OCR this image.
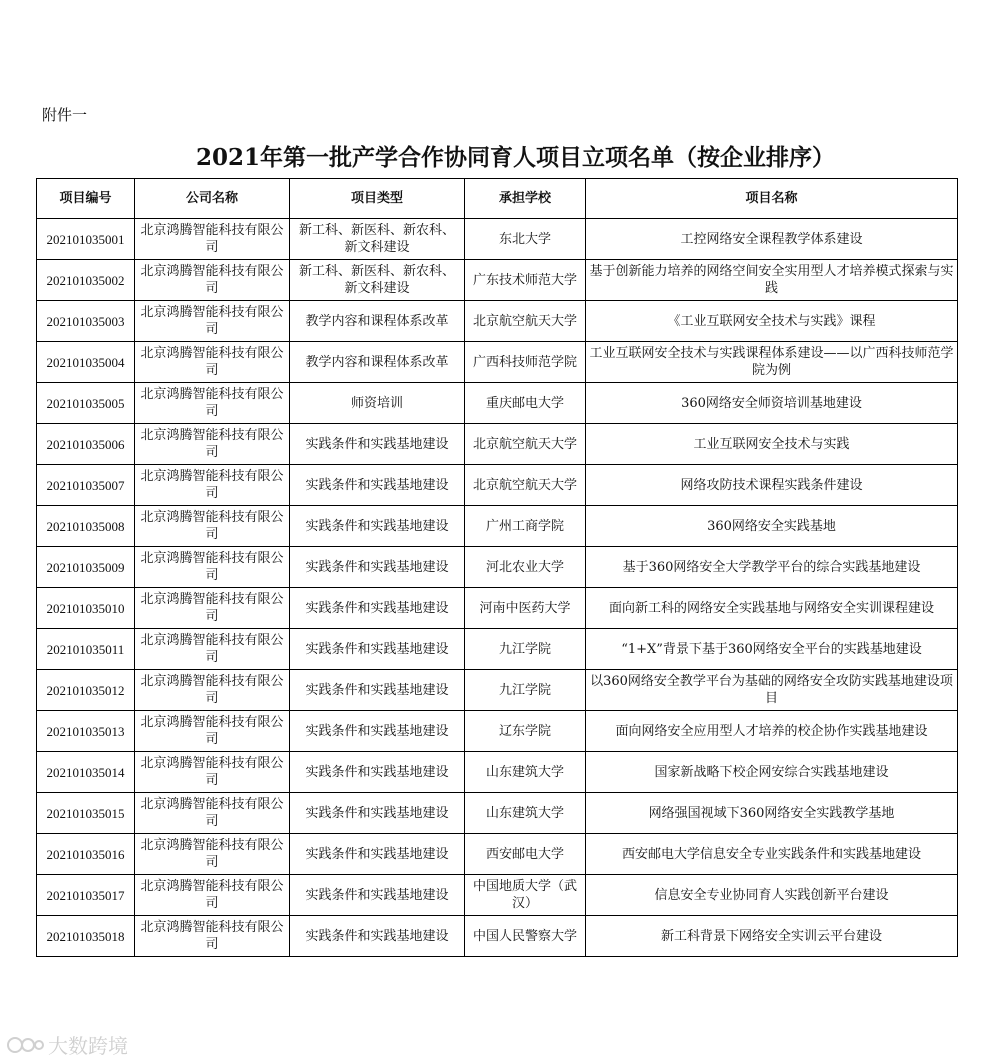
附件一
2021年第一批产学合作协同育人项目立项名单（按企业排序）
项目编号	公司名称	项目类型	承担学校	项目名称
202101035001	北京鸿腾智能科技有限公司	新工科、新医科、新农科、新文科建设	东北大学	工控网络安全课程教学体系建设
202101035002	北京鸿腾智能科技有限公司	新工科、新医科、新农科、新文科建设	广东技术师范大学	基于创新能力培养的网络空间安全实用型人才培养模式探索与实践
202101035003	北京鸿腾智能科技有限公司	教学内容和课程体系改革	北京航空航天大学	《工业互联网安全技术与实践》课程
202101035004	北京鸿腾智能科技有限公司	教学内容和课程体系改革	广西科技师范学院	工业互联网安全技术与实践课程体系建设——以广西科技师范学院为例
202101035005	北京鸿腾智能科技有限公司	师资培训	重庆邮电大学	360网络安全师资培训基地建设
202101035006	北京鸿腾智能科技有限公司	实践条件和实践基地建设	北京航空航天大学	工业互联网安全技术与实践
202101035007	北京鸿腾智能科技有限公司	实践条件和实践基地建设	北京航空航天大学	网络攻防技术课程实践条件建设
202101035008	北京鸿腾智能科技有限公司	实践条件和实践基地建设	广州工商学院	360网络安全实践基地
202101035009	北京鸿腾智能科技有限公司	实践条件和实践基地建设	河北农业大学	基于360网络安全大学教学平台的综合实践基地建设
202101035010	北京鸿腾智能科技有限公司	实践条件和实践基地建设	河南中医药大学	面向新工科的网络安全实践基地与网络安全实训课程建设
202101035011	北京鸿腾智能科技有限公司	实践条件和实践基地建设	九江学院	“1+X”背景下基于360网络安全平台的实践基地建设
202101035012	北京鸿腾智能科技有限公司	实践条件和实践基地建设	九江学院	以360网络安全教学平台为基础的网络安全攻防实践基地建设项目
202101035013	北京鸿腾智能科技有限公司	实践条件和实践基地建设	辽东学院	面向网络安全应用型人才培养的校企协作实践基地建设
202101035014	北京鸿腾智能科技有限公司	实践条件和实践基地建设	山东建筑大学	国家新战略下校企网安综合实践基地建设
202101035015	北京鸿腾智能科技有限公司	实践条件和实践基地建设	山东建筑大学	网络强国视域下360网络安全实践教学基地
202101035016	北京鸿腾智能科技有限公司	实践条件和实践基地建设	西安邮电大学	西安邮电大学信息安全专业实践条件和实践基地建设
202101035017	北京鸿腾智能科技有限公司	实践条件和实践基地建设	中国地质大学（武汉）	信息安全专业协同育人实践创新平台建设
202101035018	北京鸿腾智能科技有限公司	实践条件和实践基地建设	中国人民警察大学	新工科背景下网络安全实训云平台建设
大数跨境
